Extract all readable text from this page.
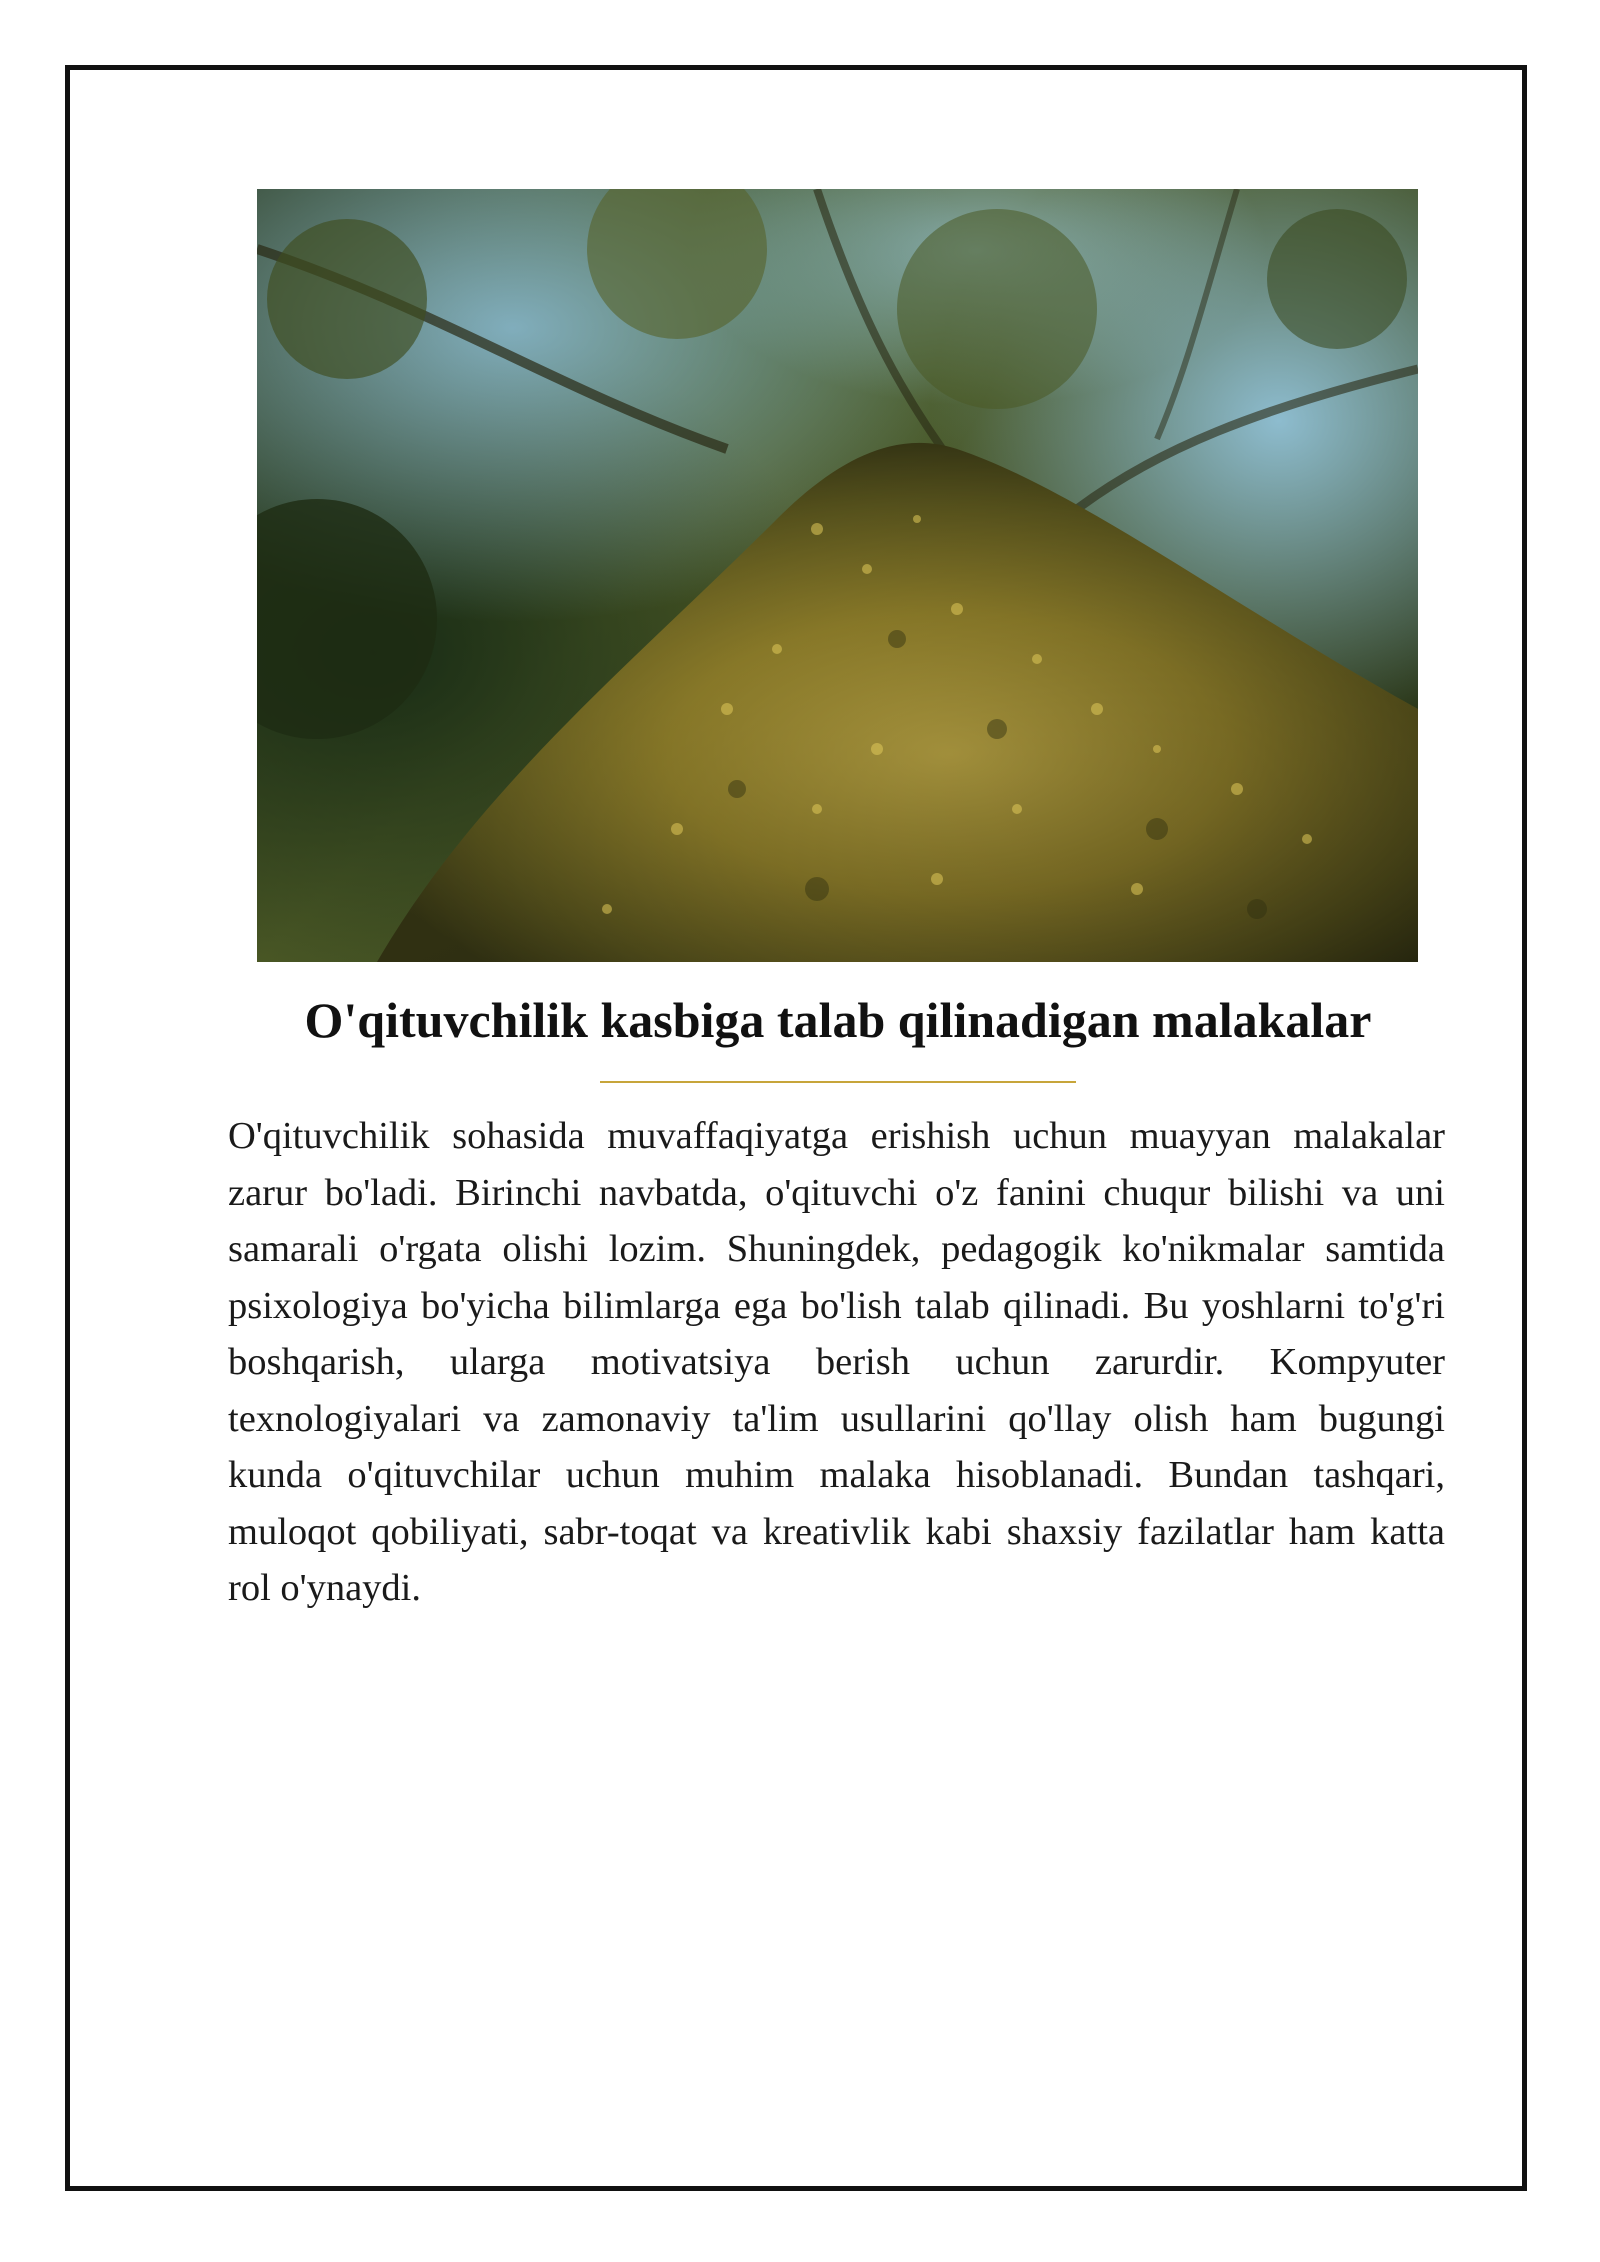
O'qituvchilik kasbiga talab qilinadigan malakalar

O'qituvchilik sohasida muvaffaqiyatga erishish uchun muayyan malakalar zarur bo'ladi. Birinchi navbatda, o'qituvchi o'z fanini chuqur bilishi va uni samarali o'rgata olishi lozim. Shuningdek, pedagogik ko'nikmalar samtida psixologiya bo'yicha bilimlarga ega bo'lish talab qilinadi. Bu yoshlarni to'g'ri boshqarish, ularga motivatsiya berish uchun zarurdir. Kompyuter texnologiyalari va zamonaviy ta'lim usullarini qo'llay olish ham bugungi kunda o'qituvchilar uchun muhim malaka hisoblanadi. Bundan tashqari, muloqot qobiliyati, sabr-toqat va kreativlik kabi shaxsiy fazilatlar ham katta rol o'ynaydi.
